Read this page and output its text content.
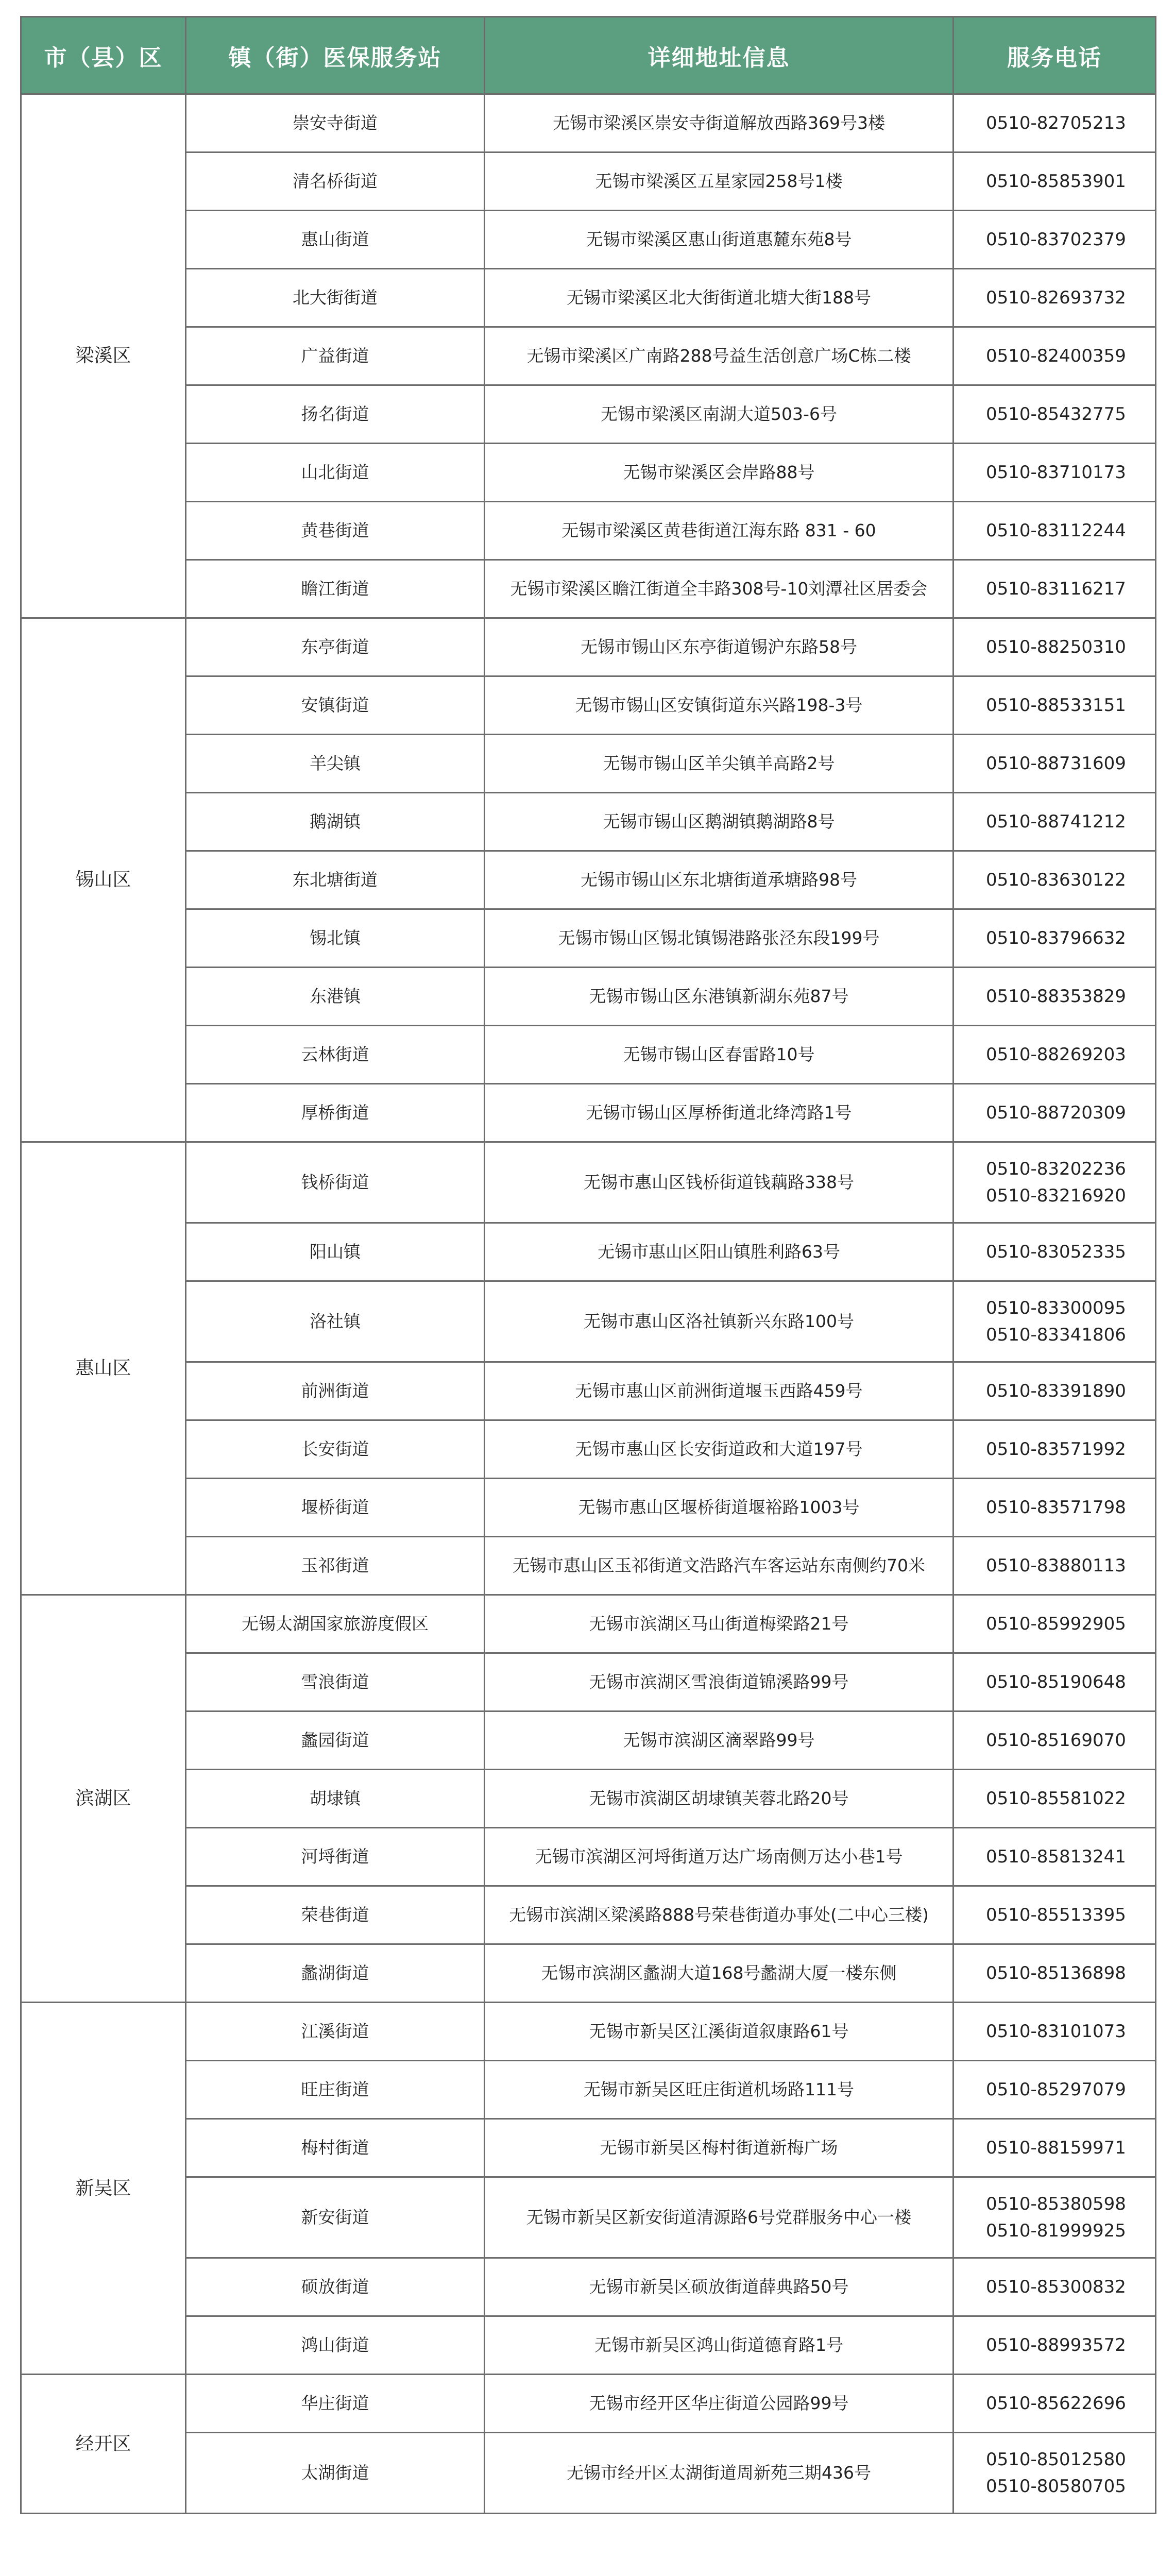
市（县）区	镇（街）医保服务站	详细地址信息	服务电话
梁溪区	崇安寺街道	无锡市梁溪区崇安寺街道解放西路369号3楼	0510-82705213

	清名桥街道	无锡市梁溪区五星家园258号1楼	0510-85853901

	惠山街道	无锡市梁溪区惠山街道惠麓东苑8号	0510-83702379

	北大街街道	无锡市梁溪区北大街街道北塘大街188号	0510-82693732

	广益街道	无锡市梁溪区广南路288号益生活创意广场C栋二楼	0510-82400359

	扬名街道	无锡市梁溪区南湖大道503-6号	0510-85432775

	山北街道	无锡市梁溪区会岸路88号	0510-83710173

	黄巷街道	无锡市梁溪区黄巷街道江海东路 831 - 60	0510-83112244

	瞻江街道	无锡市梁溪区瞻江街道全丰路308号-10刘潭社区居委会	0510-83116217

锡山区	东亭街道	无锡市锡山区东亭街道锡沪东路58号	0510-88250310

	安镇街道	无锡市锡山区安镇街道东兴路198-3号	0510-88533151

	羊尖镇	无锡市锡山区羊尖镇羊高路2号	0510-88731609

	鹅湖镇	无锡市锡山区鹅湖镇鹅湖路8号	0510-88741212

	东北塘街道	无锡市锡山区东北塘街道承塘路98号	0510-83630122

	锡北镇	无锡市锡山区锡北镇锡港路张泾东段199号	0510-83796632

	东港镇	无锡市锡山区东港镇新湖东苑87号	0510-88353829

	云林街道	无锡市锡山区春雷路10号	0510-88269203

	厚桥街道	无锡市锡山区厚桥街道北绛湾路1号	0510-88720309

惠山区	钱桥街道	无锡市惠山区钱桥街道钱藕路338号	0510-83202236
0510-83216920

	阳山镇	无锡市惠山区阳山镇胜利路63号	0510-83052335

	洛社镇	无锡市惠山区洛社镇新兴东路100号	0510-83300095
0510-83341806

	前洲街道	无锡市惠山区前洲街道堰玉西路459号	0510-83391890

	长安街道	无锡市惠山区长安街道政和大道197号	0510-83571992

	堰桥街道	无锡市惠山区堰桥街道堰裕路1003号	0510-83571798

	玉祁街道	无锡市惠山区玉祁街道文浩路汽车客运站东南侧约70米	0510-83880113

滨湖区	无锡太湖国家旅游度假区	无锡市滨湖区马山街道梅梁路21号	0510-85992905

	雪浪街道	无锡市滨湖区雪浪街道锦溪路99号	0510-85190648

	蠡园街道	无锡市滨湖区滴翠路99号	0510-85169070

	胡埭镇	无锡市滨湖区胡埭镇芙蓉北路20号	0510-85581022

	河埒街道	无锡市滨湖区河埒街道万达广场南侧万达小巷1号	0510-85813241

	荣巷街道	无锡市滨湖区梁溪路888号荣巷街道办事处(二中心三楼)	0510-85513395

	蠡湖街道	无锡市滨湖区蠡湖大道168号蠡湖大厦一楼东侧	0510-85136898

新吴区	江溪街道	无锡市新吴区江溪街道叙康路61号	0510-83101073

	旺庄街道	无锡市新吴区旺庄街道机场路111号	0510-85297079

	梅村街道	无锡市新吴区梅村街道新梅广场	0510-88159971

	新安街道	无锡市新吴区新安街道清源路6号党群服务中心一楼	0510-85380598
0510-81999925

	硕放街道	无锡市新吴区硕放街道薛典路50号	0510-85300832

	鸿山街道	无锡市新吴区鸿山街道德育路1号	0510-88993572

经开区	华庄街道	无锡市经开区华庄街道公园路99号	0510-85622696

	太湖街道	无锡市经开区太湖街道周新苑三期436号	0510-85012580
0510-80580705
